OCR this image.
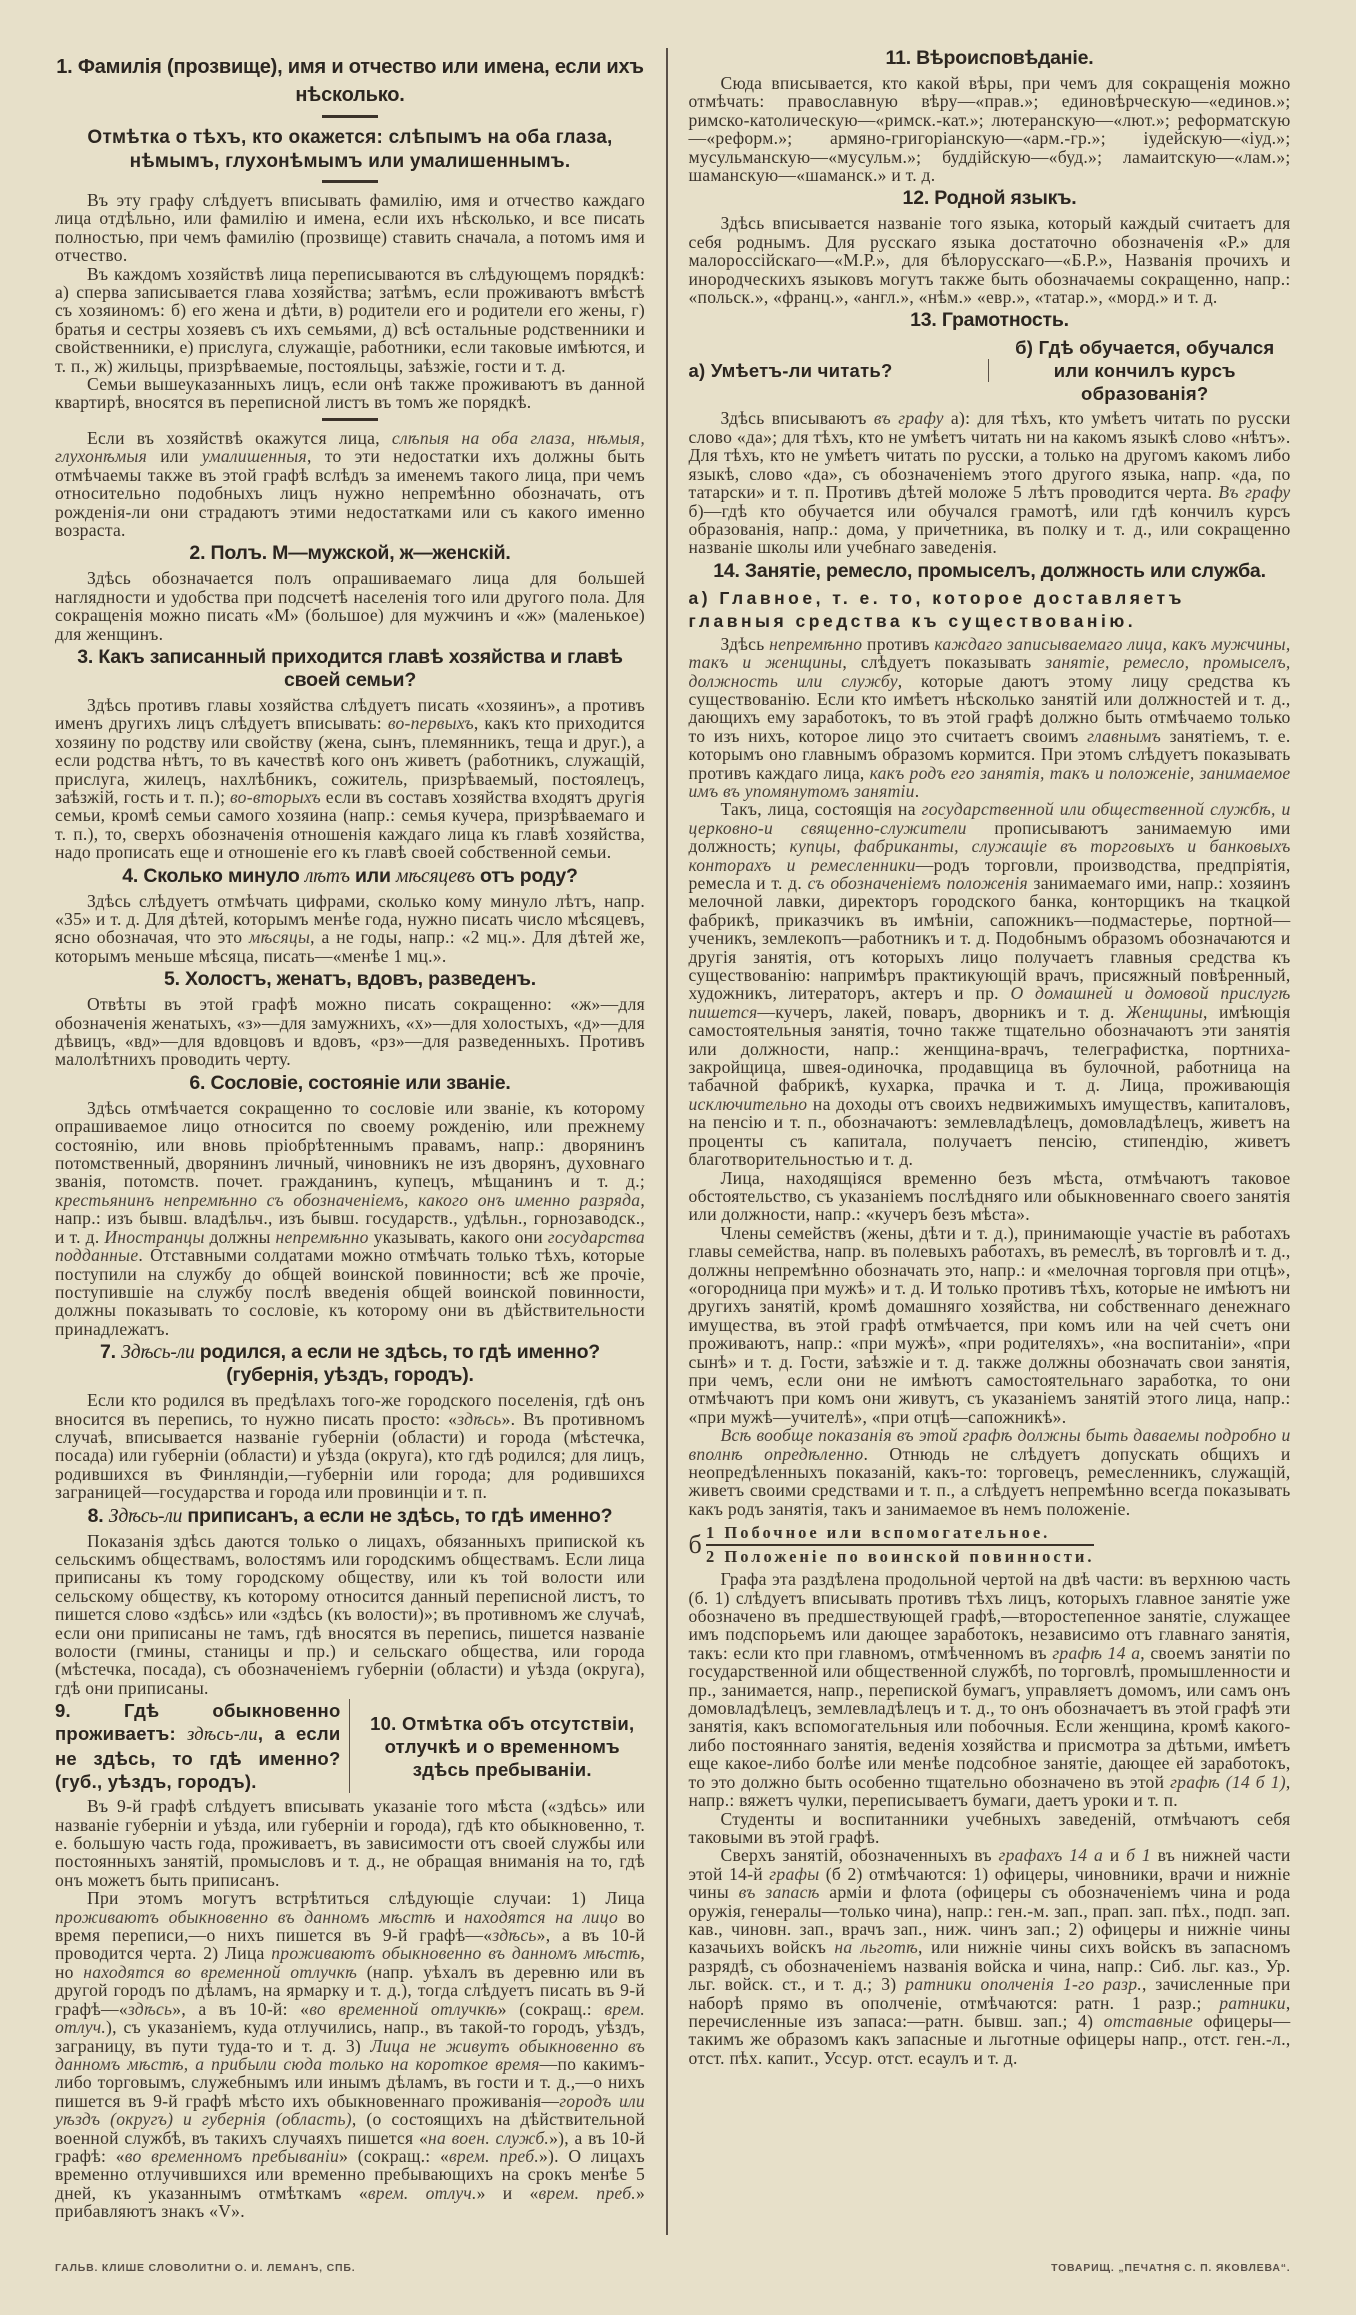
1. Фамилія (прозвище), имя и отчество или имена, если ихъ нѣсколько.
Отмѣтка о тѣхъ, кто окажется: слѣпымъ на оба глаза, нѣмымъ, глухонѣмымъ или умалишеннымъ.

Въ эту графу слѣдуетъ вписывать фамилію, имя и отчество каждаго лица отдѣльно, или фамилію и имена, если ихъ нѣсколько, и все писать полностью, при чемъ фамилію (прозвище) ставить сначала, а потомъ имя и отчество.

Въ каждомъ хозяйствѣ лица переписываются въ слѣдующемъ порядкѣ: а) сперва записывается глава хозяйства; затѣмъ, если проживаютъ вмѣстѣ съ хозяиномъ: б) его жена и дѣти, в) родители его и родители его жены, г) братья и сестры хозяевъ съ ихъ семьями, д) всѣ остальные родственники и свойственники, е) прислуга, служащіе, работники, если таковые имѣются, и т. п., ж) жильцы, призрѣваемые, постояльцы, заѣзжіе, гости и т. д.

Семьи вышеуказанныхъ лицъ, если онѣ также проживаютъ въ данной квартирѣ, вносятся въ переписной листъ въ томъ же порядкѣ.

Если въ хозяйствѣ окажутся лица, слѣпыя на оба глаза, нѣмыя, глухонѣмыя или умалишенныя, то эти недостатки ихъ должны быть отмѣчаемы также въ этой графѣ вслѣдъ за именемъ такого лица, при чемъ относительно подобныхъ лицъ нужно непремѣнно обозначать, отъ рожденія-ли они страдаютъ этими недостатками или съ какого именно возраста.

2. Полъ. М—мужской, ж—женскій.

Здѣсь обозначается полъ опрашиваемаго лица для большей наглядности и удобства при подсчетѣ населенія того или другого пола. Для сокращенія можно писать «М» (большое) для мужчинъ и «ж» (маленькое) для женщинъ.

3. Какъ записанный приходится главѣ хозяйства и главѣ своей семьи?

Здѣсь противъ главы хозяйства слѣдуетъ писать «хозяинъ», а противъ именъ другихъ лицъ слѣдуетъ вписывать: во-первыхъ, какъ кто приходится хозяину по родству или свойству (жена, сынъ, племянникъ, теща и друг.), а если родства нѣтъ, то въ качествѣ кого онъ живетъ (работникъ, служащій, прислуга, жилецъ, нахлѣбникъ, сожитель, призрѣваемый, постоялецъ, заѣзжій, гость и т. п.); во-вторыхъ если въ составъ хозяйства входятъ другія семьи, кромѣ семьи самого хозяина (напр.: семья кучера, призрѣваемаго и т. п.), то, сверхъ обозначенія отношенія каждаго лица къ главѣ хозяйства, надо прописать еще и отношеніе его къ главѣ своей собственной семьи.

4. Сколько минуло лѣтъ или мѣсяцевъ отъ роду?

Здѣсь слѣдуетъ отмѣчать цифрами, сколько кому минуло лѣтъ, напр. «35» и т. д. Для дѣтей, которымъ менѣе года, нужно писать число мѣсяцевъ, ясно обозначая, что это мѣсяцы, а не годы, напр.: «2 мц.». Для дѣтей же, которымъ меньше мѣсяца, писать—«менѣе 1 мц.».

5. Холостъ, женатъ, вдовъ, разведенъ.

Отвѣты въ этой графѣ можно писать сокращенно: «ж»—для обозначенія женатыхъ, «з»—для замужнихъ, «х»—для холостыхъ, «д»—для дѣвицъ, «вд»—для вдовцовъ и вдовъ, «рз»—для разведенныхъ. Противъ малолѣтнихъ проводить черту.

6. Сословіе, состояніе или званіе.

Здѣсь отмѣчается сокращенно то сословіе или званіе, къ которому опрашиваемое лицо относится по своему рожденію, или прежнему состоянію, или вновь пріобрѣтеннымъ правамъ, напр.: дворянинъ потомственный, дворянинъ личный, чиновникъ не изъ дворянъ, духовнаго званія, потомств. почет. гражданинъ, купецъ, мѣщанинъ и т. д.; крестьянинъ непремѣнно съ обозначеніемъ, какого онъ именно разряда, напр.: изъ бывш. владѣльч., изъ бывш. государств., удѣльн., горнозаводск., и т. д. Иностранцы должны непремѣнно указывать, какого они государства подданные. Отставными солдатами можно отмѣчать только тѣхъ, которые поступили на службу до общей воинской повинности; всѣ же прочіе, поступившіе на службу послѣ введенія общей воинской повинности, должны показывать то сословіе, къ которому они въ дѣйствительности принадлежатъ.

7. Здѣсь-ли родился, а если не здѣсь, то гдѣ именно? (губернія, уѣздъ, городъ).

Если кто родился въ предѣлахъ того-же городского поселенія, гдѣ онъ вносится въ перепись, то нужно писать просто: «здѣсь». Въ противномъ случаѣ, вписывается названіе губерніи (области) и города (мѣстечка, посада) или губерніи (области) и уѣзда (округа), кто гдѣ родился; для лицъ, родившихся въ Финляндіи,—губерніи или города; для родившихся заграницей—государства и города или провинціи и т. п.

8. Здѣсь-ли приписанъ, а если не здѣсь, то гдѣ именно?

Показанія здѣсь даются только о лицахъ, обязанныхъ припиской къ сельскимъ обществамъ, волостямъ или городскимъ обществамъ. Если лица приписаны къ тому городскому обществу, или къ той волости или сельскому обществу, къ которому относится данный переписной листъ, то пишется слово «здѣсь» или «здѣсь (къ волости)»; въ противномъ же случаѣ, если они приписаны не тамъ, гдѣ вносятся въ перепись, пишется названіе волости (гмины, станицы и пр.) и сельскаго общества, или города (мѣстечка, посада), съ обозначеніемъ губерніи (области) и уѣзда (округа), гдѣ они приписаны.

9. Гдѣ обыкновенно проживаетъ: здѣсь-ли, а если не здѣсь, то гдѣ именно? (губ., уѣздъ, городъ).
10. Отмѣтка объ отсутствіи, отлучкѣ и о временномъ здѣсь пребываніи.

Въ 9-й графѣ слѣдуетъ вписывать указаніе того мѣста («здѣсь» или названіе губерніи и уѣзда, или губерніи и города), гдѣ кто обыкновенно, т. е. большую часть года, проживаетъ, въ зависимости отъ своей службы или постоянныхъ занятій, промысловъ и т. д., не обращая вниманія на то, гдѣ онъ можетъ быть приписанъ.

При этомъ могутъ встрѣтиться слѣдующіе случаи: 1) Лица проживаютъ обыкновенно въ данномъ мѣстѣ и находятся на лицо во время переписи,—о нихъ пишется въ 9-й графѣ—«здѣсь», а въ 10-й проводится черта. 2) Лица проживаютъ обыкновенно въ данномъ мѣстѣ, но находятся во временной отлучкѣ (напр. уѣхалъ въ деревню или въ другой городъ по дѣламъ, на ярмарку и т. д.), тогда слѣдуетъ писать въ 9-й графѣ—«здѣсь», а въ 10-й: «во временной отлучкѣ» (сокращ.: врем. отлуч.), съ указаніемъ, куда отлучились, напр., въ такой-то городъ, уѣздъ, заграницу, въ пути туда-то и т. д. 3) Лица не живутъ обыкновенно въ данномъ мѣстѣ, а прибыли сюда только на короткое время—по какимъ-либо торговымъ, служебнымъ или инымъ дѣламъ, въ гости и т. д.,—о нихъ пишется въ 9-й графѣ мѣсто ихъ обыкновеннаго проживанія—городъ или уѣздъ (округъ) и губернія (область), (о состоящихъ на дѣйствительной военной службѣ, въ такихъ случаяхъ пишется «на воен. служб.»), а въ 10-й графѣ: «во временномъ пребываніи» (сокращ.: «врем. преб.»). О лицахъ временно отлучившихся или временно пребывающихъ на срокъ менѣе 5 дней, къ указаннымъ отмѣткамъ «врем. отлуч.» и «врем. преб.» прибавляютъ знакъ «V».

ГАЛЬВ. КЛИШЕ СЛОВОЛИТНИ О. И. ЛЕМАНЪ, СПБ.
11. Вѣроисповѣданіе.

Сюда вписывается, кто какой вѣры, при чемъ для сокращенія можно отмѣчать: православную вѣру—«прав.»; единовѣрческую—«единов.»; римско-католическую—«римск.-кат.»; лютеранскую—«лют.»; реформатскую—«реформ.»; армяно-григоріанскую—«арм.-гр.»; іудейскую—«іуд.»; мусульманскую—«мусульм.»; буддійскую—«буд.»; ламаитскую—«лам.»; шаманскую—«шаманск.» и т. д.

12. Родной языкъ.

Здѣсь вписывается названіе того языка, который каждый считаетъ для себя роднымъ. Для русскаго языка достаточно обозначенія «Р.» для малороссійскаго—«М.Р.», для бѣлорусскаго—«Б.Р.», Названія прочихъ и инородческихъ языковъ могутъ также быть обозначаемы сокращенно, напр.: «польск.», «франц.», «англ.», «нѣм.» «евр.», «татар.», «морд.» и т. д.

13. Грамотность.
а) Умѣетъ-ли читать?
б) Гдѣ обучается, обучался или кончилъ курсъ образованія?

Здѣсь вписываютъ въ графу а): для тѣхъ, кто умѣетъ читать по русски слово «да»; для тѣхъ, кто не умѣетъ читать ни на какомъ языкѣ слово «нѣтъ». Для тѣхъ, кто не умѣетъ читать по русски, а только на другомъ какомъ либо языкѣ, слово «да», съ обозначеніемъ этого другого языка, напр. «да, по татарски» и т. п. Противъ дѣтей моложе 5 лѣтъ проводится черта. Въ графу б)—гдѣ кто обучается или обучался грамотѣ, или гдѣ кончилъ курсъ образованія, напр.: дома, у причетника, въ полку и т. д., или сокращенно названіе школы или учебнаго заведенія.

14. Занятіе, ремесло, промыселъ, должность или служба.
а) Главное, т. е. то, которое доставляетъ главныя средства къ существованію.

Здѣсь непремѣнно противъ каждаго записываемаго лица, какъ мужчины, такъ и женщины, слѣдуетъ показывать занятіе, ремесло, промыселъ, должность или службу, которые даютъ этому лицу средства къ существованію. Если кто имѣетъ нѣсколько занятій или должностей и т. д., дающихъ ему заработокъ, то въ этой графѣ должно быть отмѣчаемо только то изъ нихъ, которое лицо это считаетъ своимъ главнымъ занятіемъ, т. е. которымъ оно главнымъ образомъ кормится. При этомъ слѣдуетъ показывать противъ каждаго лица, какъ родъ его занятія, такъ и положеніе, занимаемое имъ въ упомянутомъ занятіи.

Такъ, лица, состоящія на государственной или общественной службѣ, и церковно-и священно-служители прописываютъ занимаемую ими должность; купцы, фабриканты, служащіе въ торговыхъ и банковыхъ конторахъ и ремесленники—родъ торговли, производства, предпріятія, ремесла и т. д. съ обозначеніемъ положенія занимаемаго ими, напр.: хозяинъ мелочной лавки, директоръ городского банка, конторщикъ на ткацкой фабрикѣ, приказчикъ въ имѣніи, сапожникъ—подмастерье, портной—ученикъ, землекопъ—работникъ и т. д. Подобнымъ образомъ обозначаются и другія занятія, отъ которыхъ лицо получаетъ главныя средства къ существованію: напримѣръ практикующій врачъ, присяжный повѣренный, художникъ, литераторъ, актеръ и пр. О домашней и домовой прислугѣ пишется—кучеръ, лакей, поваръ, дворникъ и т. д. Женщины, имѣющія самостоятельныя занятія, точно также тщательно обозначаютъ эти занятія или должности, напр.: женщина-врачъ, телеграфистка, портниха-закройщица, швея-одиночка, продавщица въ булочной, работница на табачной фабрикѣ, кухарка, прачка и т. д. Лица, проживающія исключительно на доходы отъ своихъ недвижимыхъ имуществъ, капиталовъ, на пенсію и т. п., обозначаютъ: землевладѣлецъ, домовладѣлецъ, живетъ на проценты съ капитала, получаетъ пенсію, стипендію, живетъ благотворительностью и т. д.

Лица, находящіяся временно безъ мѣста, отмѣчаютъ таковое обстоятельство, съ указаніемъ послѣдняго или обыкновеннаго своего занятія или должности, напр.: «кучеръ безъ мѣста».

Члены семействъ (жены, дѣти и т. д.), принимающіе участіе въ работахъ главы семейства, напр. въ полевыхъ работахъ, въ ремеслѣ, въ торговлѣ и т. д., должны непремѣнно обозначать это, напр.: и «мелочная торговля при отцѣ», «огородница при мужѣ» и т. д. И только противъ тѣхъ, которые не имѣютъ ни другихъ занятій, кромѣ домашняго хозяйства, ни собственнаго денежнаго имущества, въ этой графѣ отмѣчается, при комъ или на чей счетъ они проживаютъ, напр.: «при мужѣ», «при родителяхъ», «на воспитаніи», «при сынѣ» и т. д. Гости, заѣзжіе и т. д. также должны обозначать свои занятія, при чемъ, если они не имѣютъ самостоятельнаго заработка, то они отмѣчаютъ при комъ они живутъ, съ указаніемъ занятій этого лица, напр.: «при мужѣ—учителѣ», «при отцѣ—сапожникѣ».

Всѣ вообще показанія въ этой графѣ должны быть даваемы подробно и вполнѣ опредѣленно. Отнюдь не слѣдуетъ допускать общихъ и неопредѣленныхъ показаній, какъ-то: торговецъ, ремесленникъ, служащій, живетъ своими средствами и т. п., а слѣдуетъ непремѣнно всегда показывать какъ родъ занятія, такъ и занимаемое въ немъ положеніе.

б 1 Побочное или вспомогательное.
2 Положеніе по воинской повинности.

Графа эта раздѣлена продольной чертой на двѣ части: въ верхнюю часть (б. 1) слѣдуетъ вписывать противъ тѣхъ лицъ, которыхъ главное занятіе уже обозначено въ предшествующей графѣ,—второстепенное занятіе, служащее имъ подспорьемъ или дающее заработокъ, независимо отъ главнаго занятія, такъ: если кто при главномъ, отмѣченномъ въ графѣ 14 а, своемъ занятіи по государственной или общественной службѣ, по торговлѣ, промышленности и пр., занимается, напр., перепиской бумагъ, управляетъ домомъ, или самъ онъ домовладѣлецъ, землевладѣлецъ и т. д., то онъ обозначаетъ въ этой графѣ эти занятія, какъ вспомогательныя или побочныя. Если женщина, кромѣ какого-либо постояннаго занятія, веденія хозяйства и присмотра за дѣтьми, имѣетъ еще какое-либо болѣе или менѣе подсобное занятіе, дающее ей заработокъ, то это должно быть особенно тщательно обозначено въ этой графѣ (14 б 1), напр.: вяжетъ чулки, переписываетъ бумаги, даетъ уроки и т. п.

Студенты и воспитанники учебныхъ заведеній, отмѣчаютъ себя таковыми въ этой графѣ.

Сверхъ занятій, обозначенныхъ въ графахъ 14 а и б 1 въ нижней части этой 14-й графы (б 2) отмѣчаются: 1) офицеры, чиновники, врачи и нижніе чины въ запасѣ арміи и флота (офицеры съ обозначеніемъ чина и рода оружія, генералы—только чина), напр.: ген.-м. зап., прап. зап. пѣх., подп. зап. кав., чиновн. зап., врачъ зап., ниж. чинъ зап.; 2) офицеры и нижніе чины казачьихъ войскъ на льготѣ, или нижніе чины сихъ войскъ въ запасномъ разрядѣ, съ обозначеніемъ названія войска и чина, напр.: Сиб. льг. каз., Ур. льг. войск. ст., и т. д.; 3) ратники ополченія 1-го разр., зачисленные при наборѣ прямо въ ополченіе, отмѣчаются: ратн. 1 разр.; ратники, перечисленные изъ запаса:—ратн. бывш. зап.; 4) отставные офицеры—такимъ же образомъ какъ запасные и льготные офицеры напр., отст. ген.-л., отст. пѣх. капит., Уссур. отст. есаулъ и т. д.

ТОВАРИЩ. „ПЕЧАТНЯ С. П. ЯКОВЛЕВА“.
